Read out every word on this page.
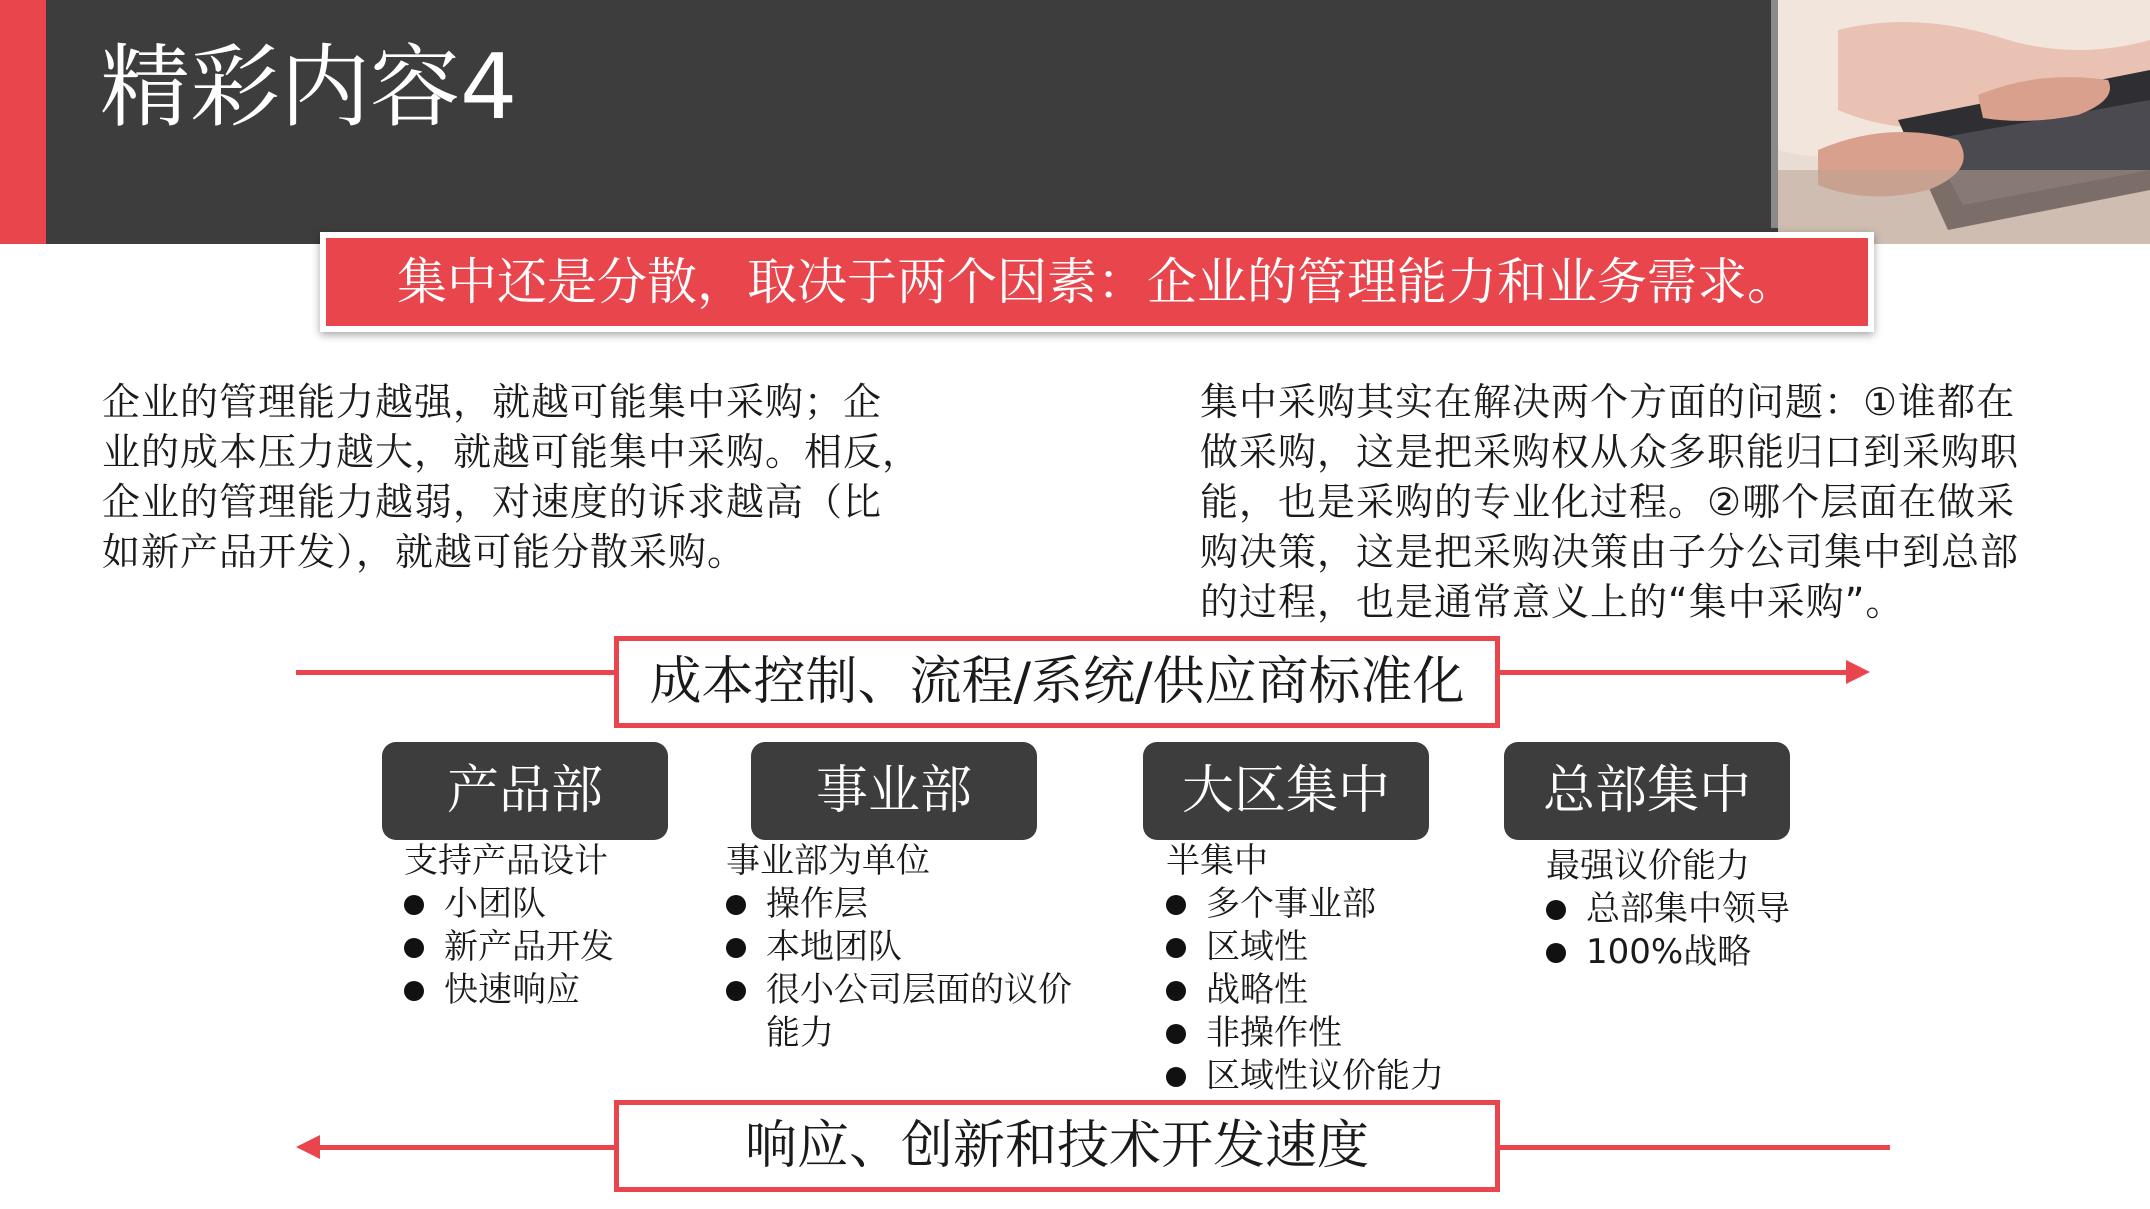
精彩内容4
集中还是分散，取决于两个因素：企业的管理能力和业务需求。
企业的管理能力越强，就越可能集中采购；企
业的成本压力越大，就越可能集中采购。相反，
企业的管理能力越弱，对速度的诉求越高（比
如新产品开发），就越可能分散采购。
集中采购其实在解决两个方面的问题：①谁都在
做采购，这是把采购权从众多职能归口到采购职
能，也是采购的专业化过程。②哪个层面在做采
购决策，这是把采购决策由子分公司集中到总部
的过程，也是通常意义上的“集中采购”。
成本控制、流程/系统/供应商标准化
响应、创新和技术开发速度
产品部	事业部	大区集中	总部集中
支持产品设计
小团队
新产品开发
快速响应
事业部为单位
操作层
本地团队
很小公司层面的议价能力
半集中
多个事业部
区域性
战略性
非操作性
区域性议价能力
最强议价能力
总部集中领导
100%战略
